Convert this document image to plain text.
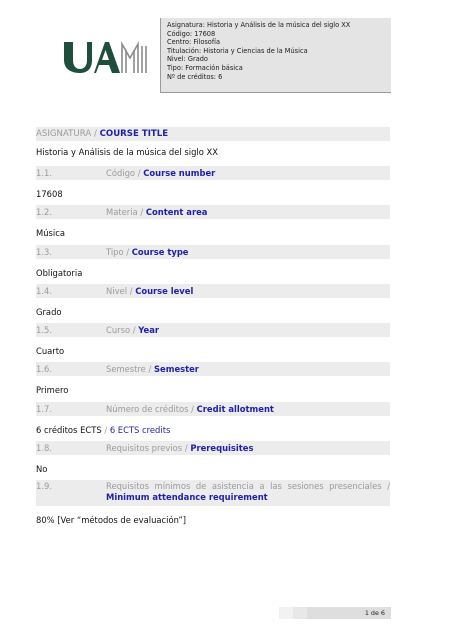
Asignatura: Historia y Análisis de la música del siglo XX
Código: 17608
Centro: Filosofía
Titulación: Historia y Ciencias de la Música
Nivel: Grado
Tipo: Formación básica
Nº de créditos: 6
ASIGNATURA / COURSE TITLE
Historia y Análisis de la música del siglo XX
1.1.	Código / Course number
17608
1.2.	Materia / Content area
Música
1.3.	Tipo / Course type
Obligatoria
1.4.	Nivel / Course level
Grado
1.5.	Curso / Year
Cuarto
1.6.	Semestre / Semester
Primero
1.7.	Número de créditos / Credit allotment
6 créditos ECTS / 6 ECTS credits
1.8.	Requisitos previos / Prerequisites
No
1.9.	Requisitos mínimos de asistencia a las sesiones presenciales /
Minimum attendance requirement
80% [Ver “métodos de evaluación”]
1 de 6
